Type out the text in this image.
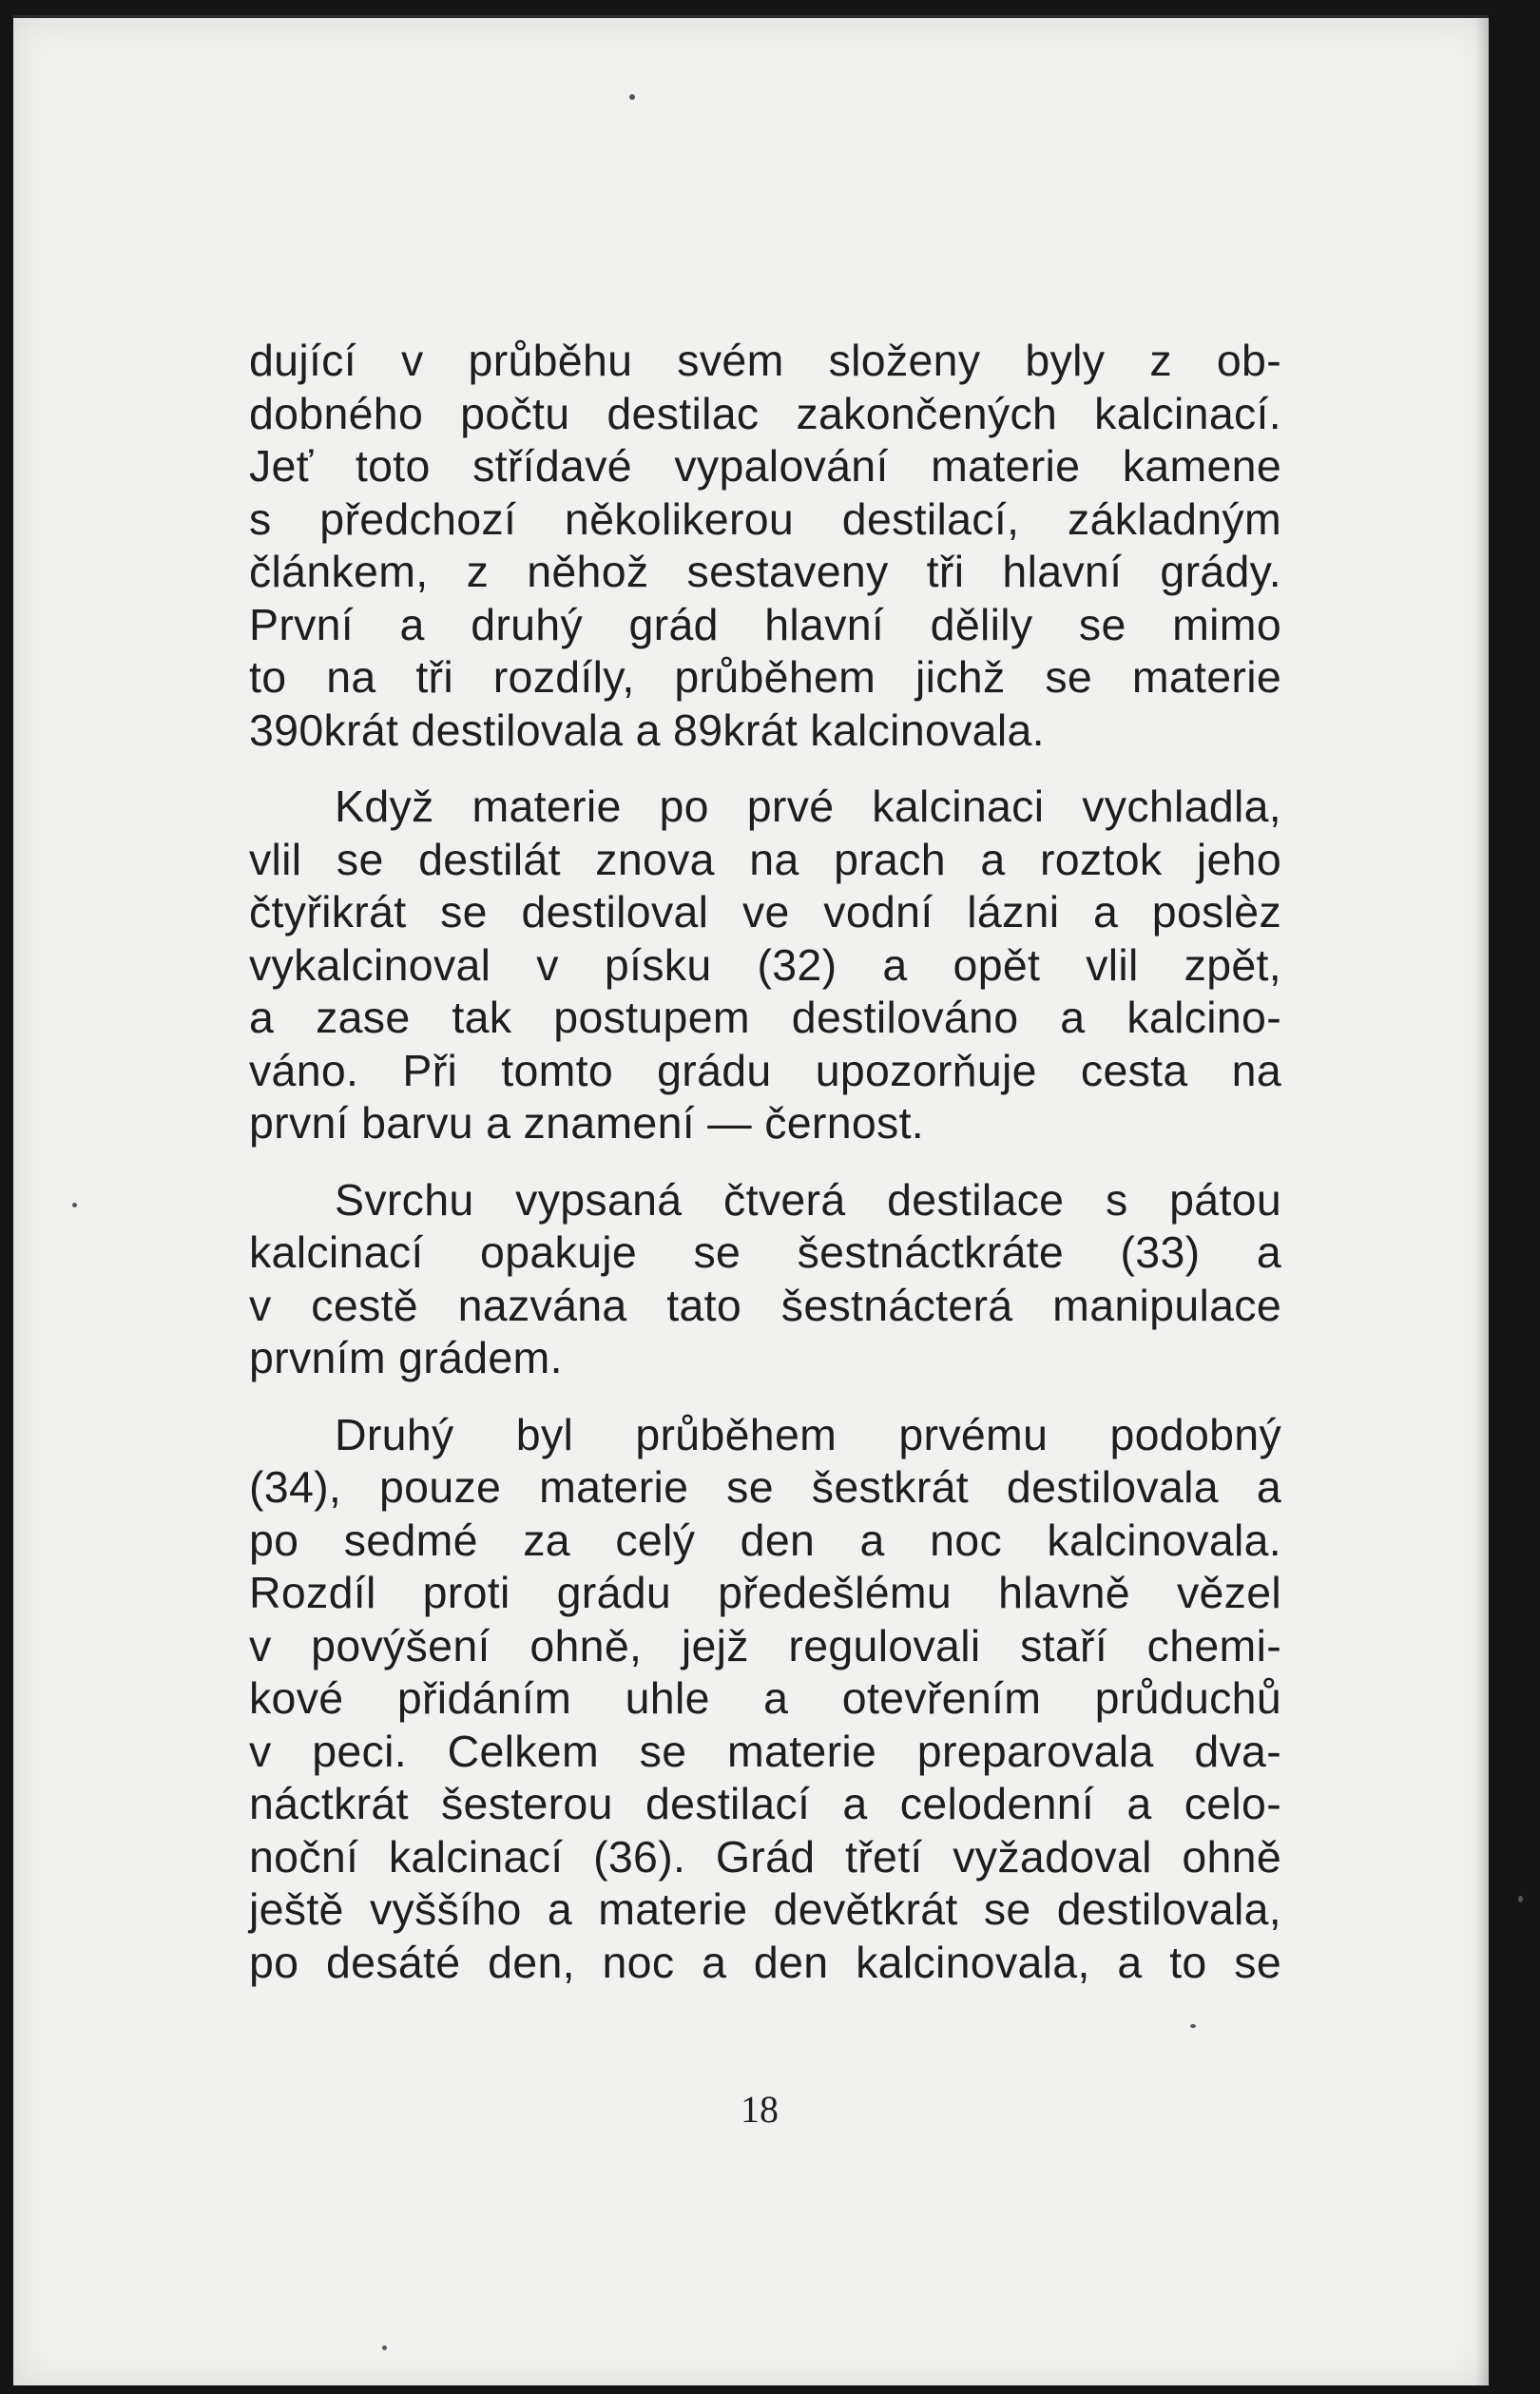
dující v průběhu svém složeny byly z ob-
dobného počtu destilac zakončených kalcinací.
Jeť toto střídavé vypalování materie kamene
s předchozí několikerou destilací, základným
článkem, z něhož sestaveny tři hlavní grády.
První a druhý grád hlavní dělily se mimo
to na tři rozdíly, průběhem jichž se materie
390krát destilovala a 89krát kalcinovala.
Když materie po prvé kalcinaci vychladla,
vlil se destilát znova na prach a roztok jeho
čtyřikrát se destiloval ve vodní lázni a poslèz
vykalcinoval v písku (32) a opět vlil zpět,
a zase tak postupem destilováno a kalcino-
váno. Při tomto grádu upozorňuje cesta na
první barvu a znamení — černost.
Svrchu vypsaná čtverá destilace s pátou
kalcinací opakuje se šestnáctkráte (33) a
v cestě nazvána tato šestnácterá manipulace
prvním grádem.
Druhý byl průběhem prvému podobný
(34), pouze materie se šestkrát destilovala a
po sedmé za celý den a noc kalcinovala.
Rozdíl proti grádu předešlému hlavně vězel
v povýšení ohně, jejž regulovali staří chemi-
kové přidáním uhle a otevřením průduchů
v peci. Celkem se materie preparovala dva-
náctkrát šesterou destilací a celodenní a celo-
noční kalcinací (36). Grád třetí vyžadoval ohně
ještě vyššího a materie devětkrát se destilovala,
po desáté den, noc a den kalcinovala, a to se
18
